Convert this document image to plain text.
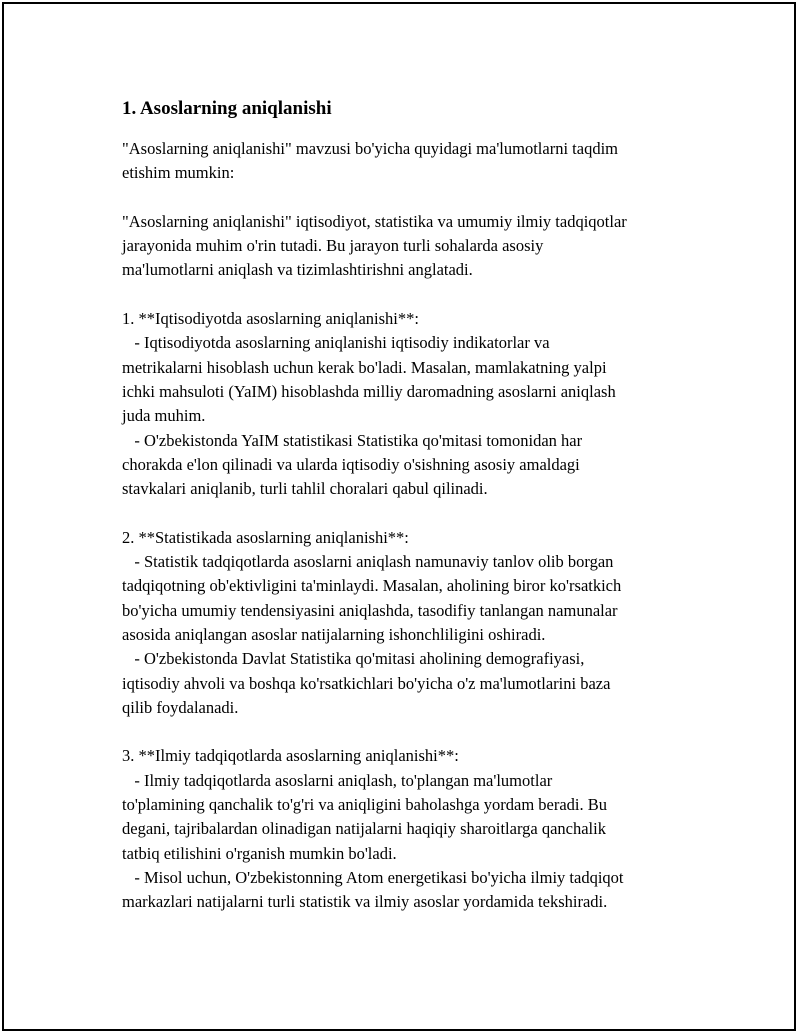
1. Asoslarning aniqlanishi

"Asoslarning aniqlanishi" mavzusi bo'yicha quyidagi ma'lumotlarni taqdim
etishim mumkin:

"Asoslarning aniqlanishi" iqtisodiyot, statistika va umumiy ilmiy tadqiqotlar
jarayonida muhim o'rin tutadi. Bu jarayon turli sohalarda asosiy
ma'lumotlarni aniqlash va tizimlashtirishni anglatadi.

1. **Iqtisodiyotda asoslarning aniqlanishi**:
- Iqtisodiyotda asoslarning aniqlanishi iqtisodiy indikatorlar va
metrikalarni hisoblash uchun kerak bo'ladi. Masalan, mamlakatning yalpi
ichki mahsuloti (YaIM) hisoblashda milliy daromadning asoslarni aniqlash
juda muhim.
- O'zbekistonda YaIM statistikasi Statistika qo'mitasi tomonidan har
chorakda e'lon qilinadi va ularda iqtisodiy o'sishning asosiy amaldagi
stavkalari aniqlanib, turli tahlil choralari qabul qilinadi.

2. **Statistikada asoslarning aniqlanishi**:
- Statistik tadqiqotlarda asoslarni aniqlash namunaviy tanlov olib borgan
tadqiqotning ob'ektivligini ta'minlaydi. Masalan, aholining biror ko'rsatkich
bo'yicha umumiy tendensiyasini aniqlashda, tasodifiy tanlangan namunalar
asosida aniqlangan asoslar natijalarning ishonchliligini oshiradi.
- O'zbekistonda Davlat Statistika qo'mitasi aholining demografiyasi,
iqtisodiy ahvoli va boshqa ko'rsatkichlari bo'yicha o'z ma'lumotlarini baza
qilib foydalanadi.

3. **Ilmiy tadqiqotlarda asoslarning aniqlanishi**:
- Ilmiy tadqiqotlarda asoslarni aniqlash, to'plangan ma'lumotlar
to'plamining qanchalik to'g'ri va aniqligini baholashga yordam beradi. Bu
degani, tajribalardan olinadigan natijalarni haqiqiy sharoitlarga qanchalik
tatbiq etilishini o'rganish mumkin bo'ladi.
- Misol uchun, O'zbekistonning Atom energetikasi bo'yicha ilmiy tadqiqot
markazlari natijalarni turli statistik va ilmiy asoslar yordamida tekshiradi.
